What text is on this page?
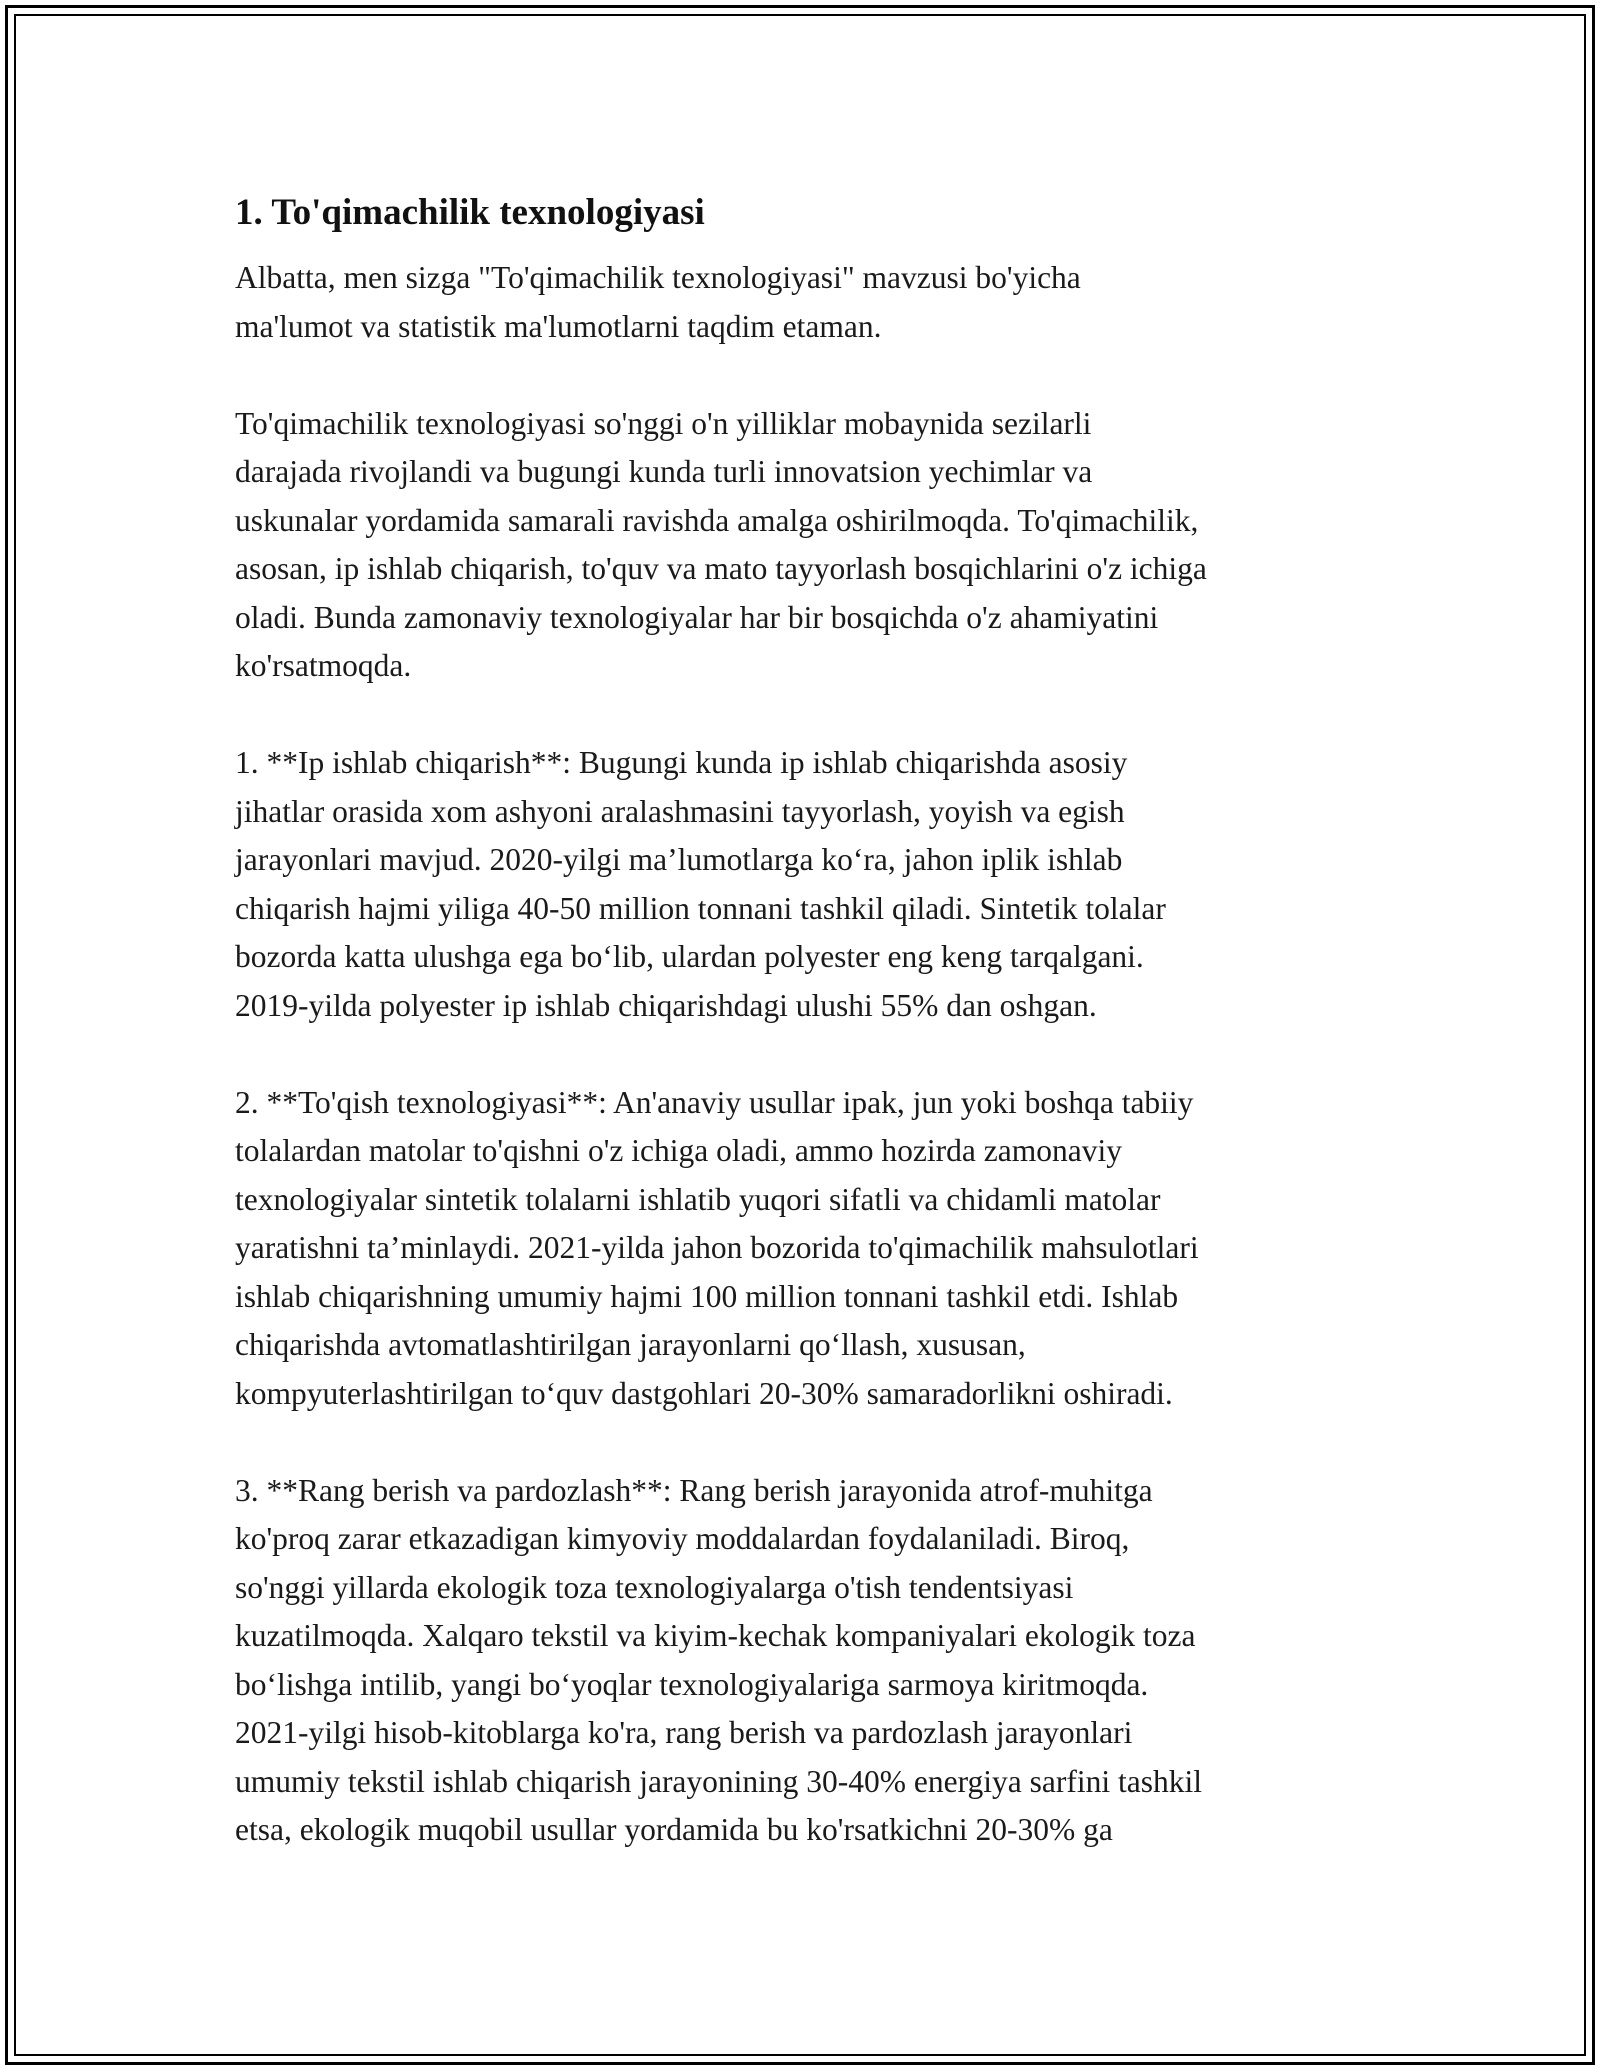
1. To'qimachilik texnologiyasi

Albatta, men sizga "To'qimachilik texnologiyasi" mavzusi bo'yicha
ma'lumot va statistik ma'lumotlarni taqdim etaman.

To'qimachilik texnologiyasi so'nggi o'n yilliklar mobaynida sezilarli
darajada rivojlandi va bugungi kunda turli innovatsion yechimlar va
uskunalar yordamida samarali ravishda amalga oshirilmoqda. To'qimachilik,
asosan, ip ishlab chiqarish, to'quv va mato tayyorlash bosqichlarini o'z ichiga
oladi. Bunda zamonaviy texnologiyalar har bir bosqichda o'z ahamiyatini
ko'rsatmoqda.

1. **Ip ishlab chiqarish**: Bugungi kunda ip ishlab chiqarishda asosiy
jihatlar orasida xom ashyoni aralashmasini tayyorlash, yoyish va egish
jarayonlari mavjud. 2020-yilgi ma’lumotlarga ko‘ra, jahon iplik ishlab
chiqarish hajmi yiliga 40-50 million tonnani tashkil qiladi. Sintetik tolalar
bozorda katta ulushga ega bo‘lib, ulardan polyester eng keng tarqalgani.
2019-yilda polyester ip ishlab chiqarishdagi ulushi 55% dan oshgan.

2. **To'qish texnologiyasi**: An'anaviy usullar ipak, jun yoki boshqa tabiiy
tolalardan matolar to'qishni o'z ichiga oladi, ammo hozirda zamonaviy
texnologiyalar sintetik tolalarni ishlatib yuqori sifatli va chidamli matolar
yaratishni ta’minlaydi. 2021-yilda jahon bozorida to'qimachilik mahsulotlari
ishlab chiqarishning umumiy hajmi 100 million tonnani tashkil etdi. Ishlab
chiqarishda avtomatlashtirilgan jarayonlarni qo‘llash, xususan,
kompyuterlashtirilgan to‘quv dastgohlari 20-30% samaradorlikni oshiradi.

3. **Rang berish va pardozlash**: Rang berish jarayonida atrof-muhitga
ko'proq zarar etkazadigan kimyoviy moddalardan foydalaniladi. Biroq,
so'nggi yillarda ekologik toza texnologiyalarga o'tish tendentsiyasi
kuzatilmoqda. Xalqaro tekstil va kiyim-kechak kompaniyalari ekologik toza
bo‘lishga intilib, yangi bo‘yoqlar texnologiyalariga sarmoya kiritmoqda.
2021-yilgi hisob-kitoblarga ko'ra, rang berish va pardozlash jarayonlari
umumiy tekstil ishlab chiqarish jarayonining 30-40% energiya sarfini tashkil
etsa, ekologik muqobil usullar yordamida bu ko'rsatkichni 20-30% ga
